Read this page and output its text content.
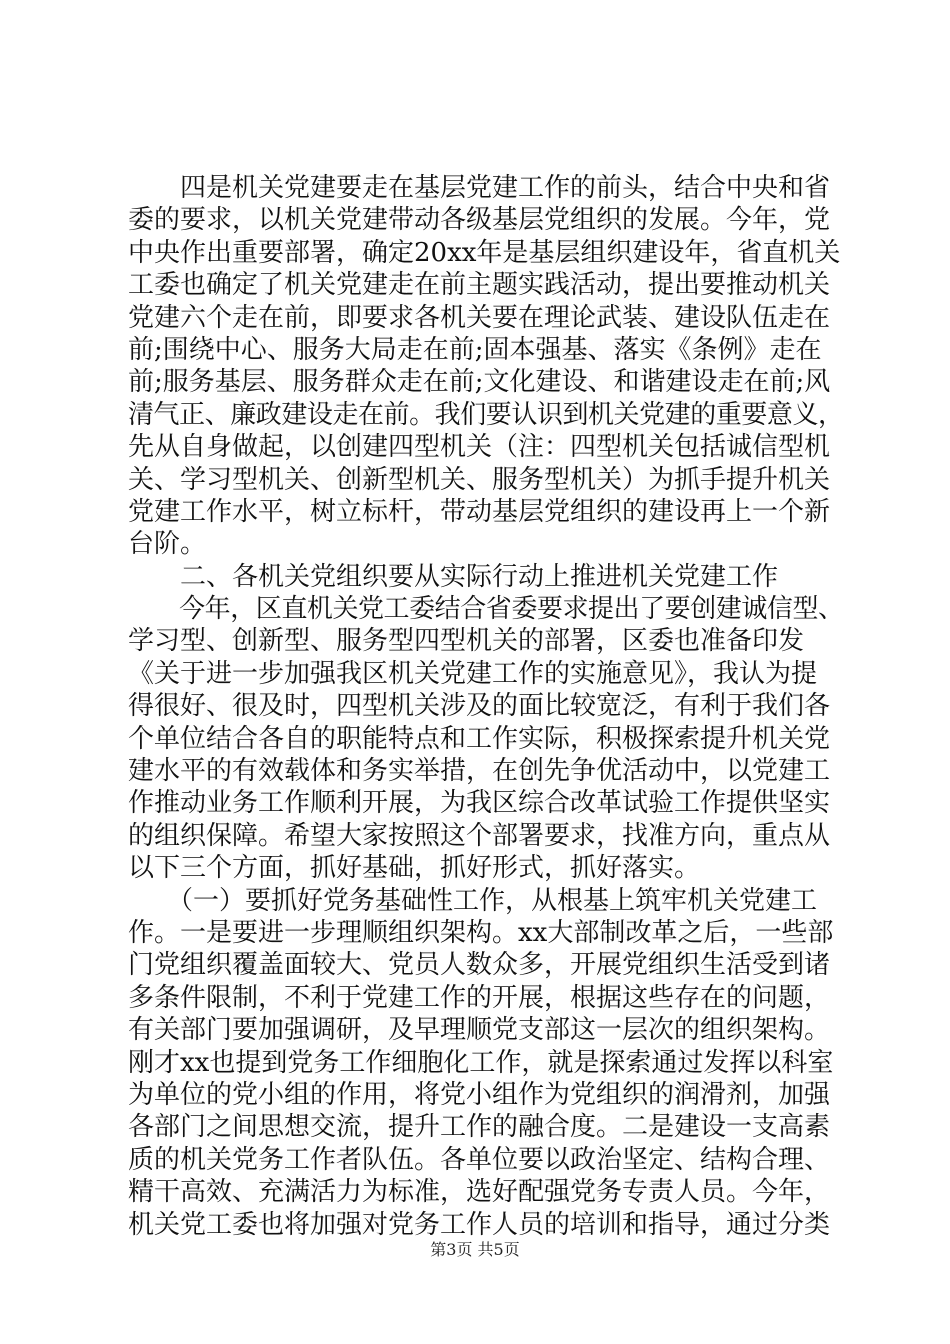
　　四是机关党建要走在基层党建工作的前头，结合中央和省
委的要求，以机关党建带动各级基层党组织的发展。今年，党
中央作出重要部署，确定20xx年是基层组织建设年，省直机关
工委也确定了机关党建走在前主题实践活动，提出要推动机关
党建六个走在前，即要求各机关要在理论武装、建设队伍走在
前;围绕中心、服务大局走在前;固本强基、落实《条例》走在
前;服务基层、服务群众走在前;文化建设、和谐建设走在前;风
清气正、廉政建设走在前。我们要认识到机关党建的重要意义，
先从自身做起，以创建四型机关（注：四型机关包括诚信型机
关、学习型机关、创新型机关、服务型机关）为抓手提升机关
党建工作水平，树立标杆，带动基层党组织的建设再上一个新
台阶。
　　二、各机关党组织要从实际行动上推进机关党建工作
　　今年，区直机关党工委结合省委要求提出了要创建诚信型、
学习型、创新型、服务型四型机关的部署，区委也准备印发
《关于进一步加强我区机关党建工作的实施意见》，我认为提
得很好、很及时，四型机关涉及的面比较宽泛，有利于我们各
个单位结合各自的职能特点和工作实际，积极探索提升机关党
建水平的有效载体和务实举措，在创先争优活动中，以党建工
作推动业务工作顺利开展，为我区综合改革试验工作提供坚实
的组织保障。希望大家按照这个部署要求，找准方向，重点从
以下三个方面，抓好基础，抓好形式，抓好落实。
　　（一）要抓好党务基础性工作，从根基上筑牢机关党建工
作。一是要进一步理顺组织架构。xx大部制改革之后，一些部
门党组织覆盖面较大、党员人数众多，开展党组织生活受到诸
多条件限制，不利于党建工作的开展，根据这些存在的问题，
有关部门要加强调研，及早理顺党支部这一层次的组织架构。
刚才xx也提到党务工作细胞化工作，就是探索通过发挥以科室
为单位的党小组的作用，将党小组作为党组织的润滑剂，加强
各部门之间思想交流，提升工作的融合度。二是建设一支高素
质的机关党务工作者队伍。各单位要以政治坚定、结构合理、
精干高效、充满活力为标准，选好配强党务专责人员。今年，
机关党工委也将加强对党务工作人员的培训和指导，通过分类
第3页 共5页
